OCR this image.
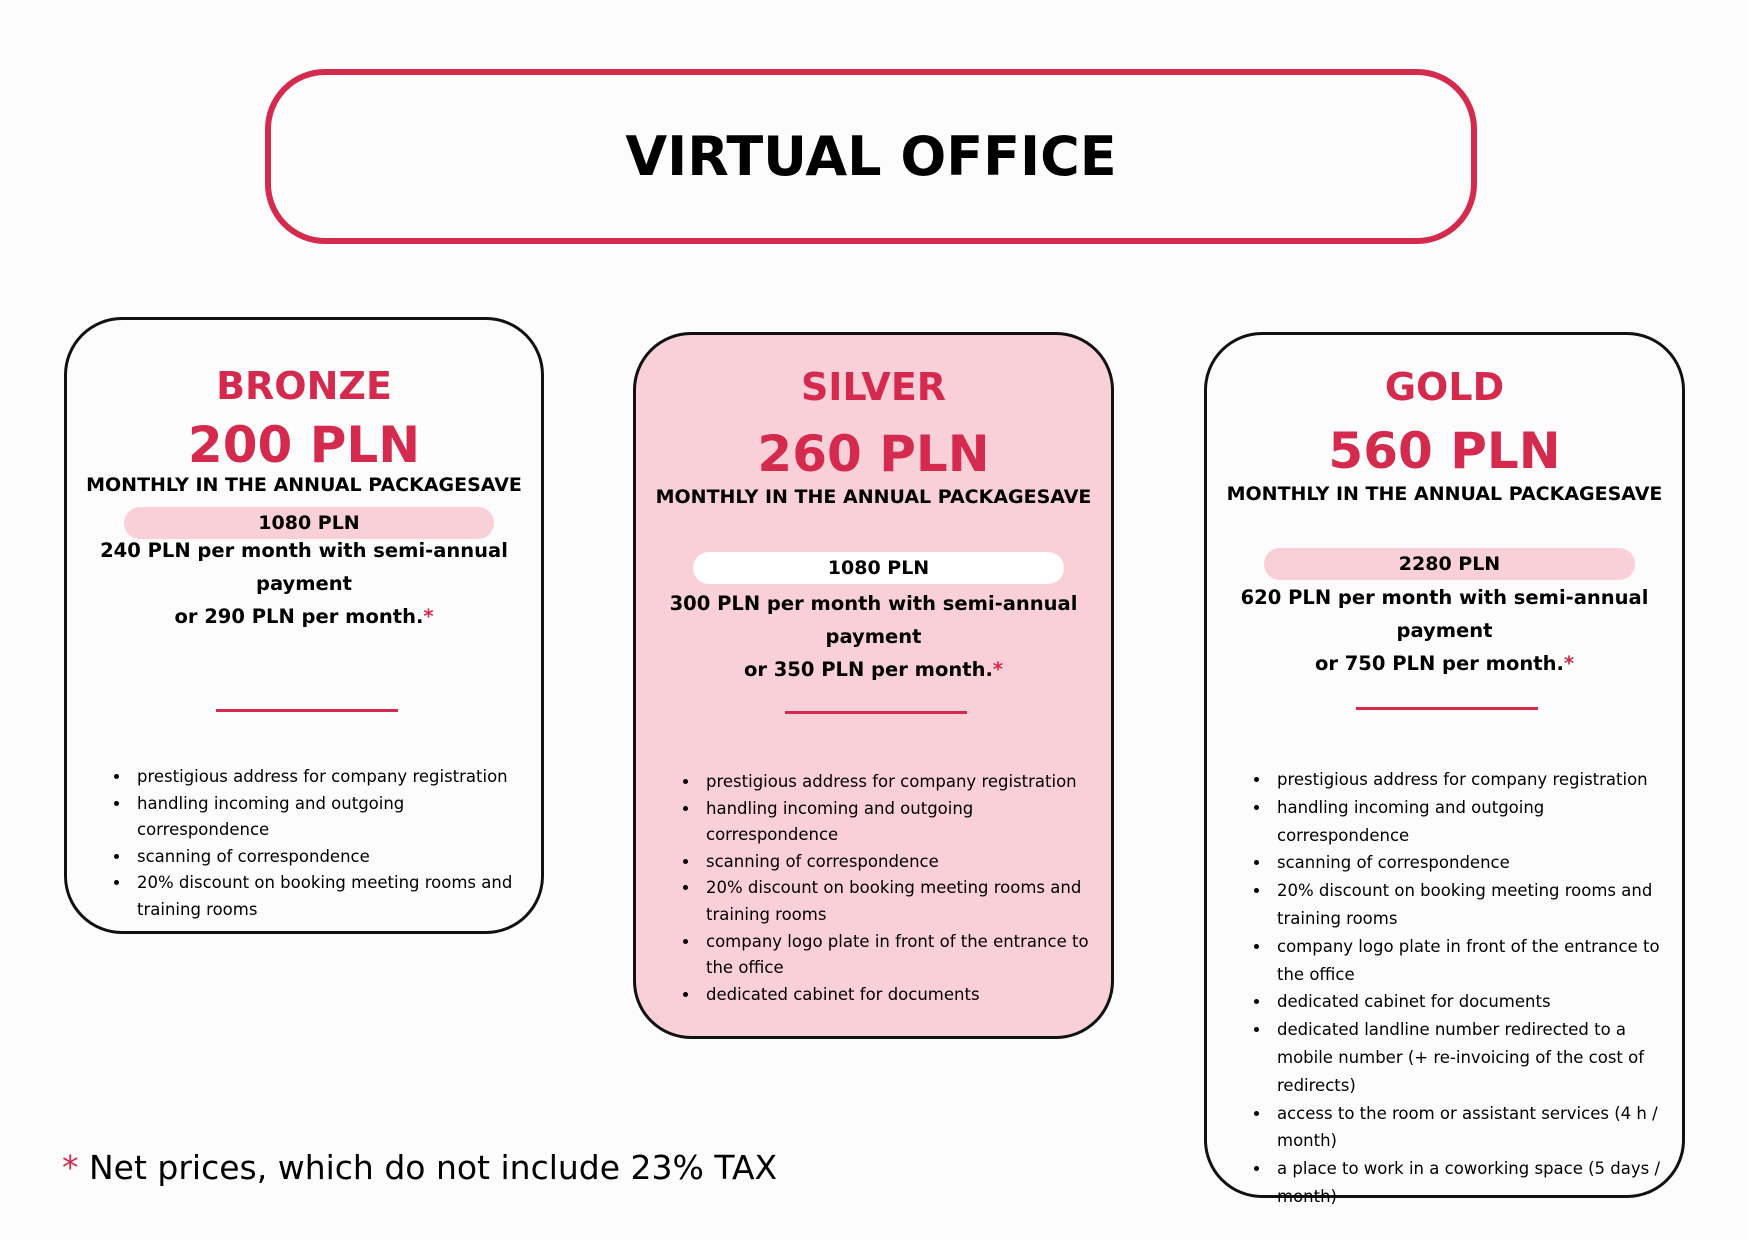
VIRTUAL OFFICE
BRONZE
200 PLN
MONTHLY IN THE ANNUAL PACKAGESAVE
1080 PLN
240 PLN per month with semi-annual payment
or 290 PLN per month.*
• prestigious address for company registration
• handling incoming and outgoing correspondence
• scanning of correspondence
• 20% discount on booking meeting rooms and training rooms
SILVER
260 PLN
MONTHLY IN THE ANNUAL PACKAGESAVE
1080 PLN
300 PLN per month with semi-annual payment
or 350 PLN per month.*
• prestigious address for company registration
• handling incoming and outgoing correspondence
• scanning of correspondence
• 20% discount on booking meeting rooms and training rooms
• company logo plate in front of the entrance to the office
• dedicated cabinet for documents
GOLD
560 PLN
MONTHLY IN THE ANNUAL PACKAGESAVE
2280 PLN
620 PLN per month with semi-annual payment
or 750 PLN per month.*
• prestigious address for company registration
• handling incoming and outgoing correspondence
• scanning of correspondence
• 20% discount on booking meeting rooms and training rooms
• company logo plate in front of the entrance to the office
• dedicated cabinet for documents
• dedicated landline number redirected to a mobile number (+ re-invoicing of the cost of redirects)
• access to the room or assistant services (4 h / month)
• a place to work in a coworking space (5 days / month)
* Net prices, which do not include 23% TAX
